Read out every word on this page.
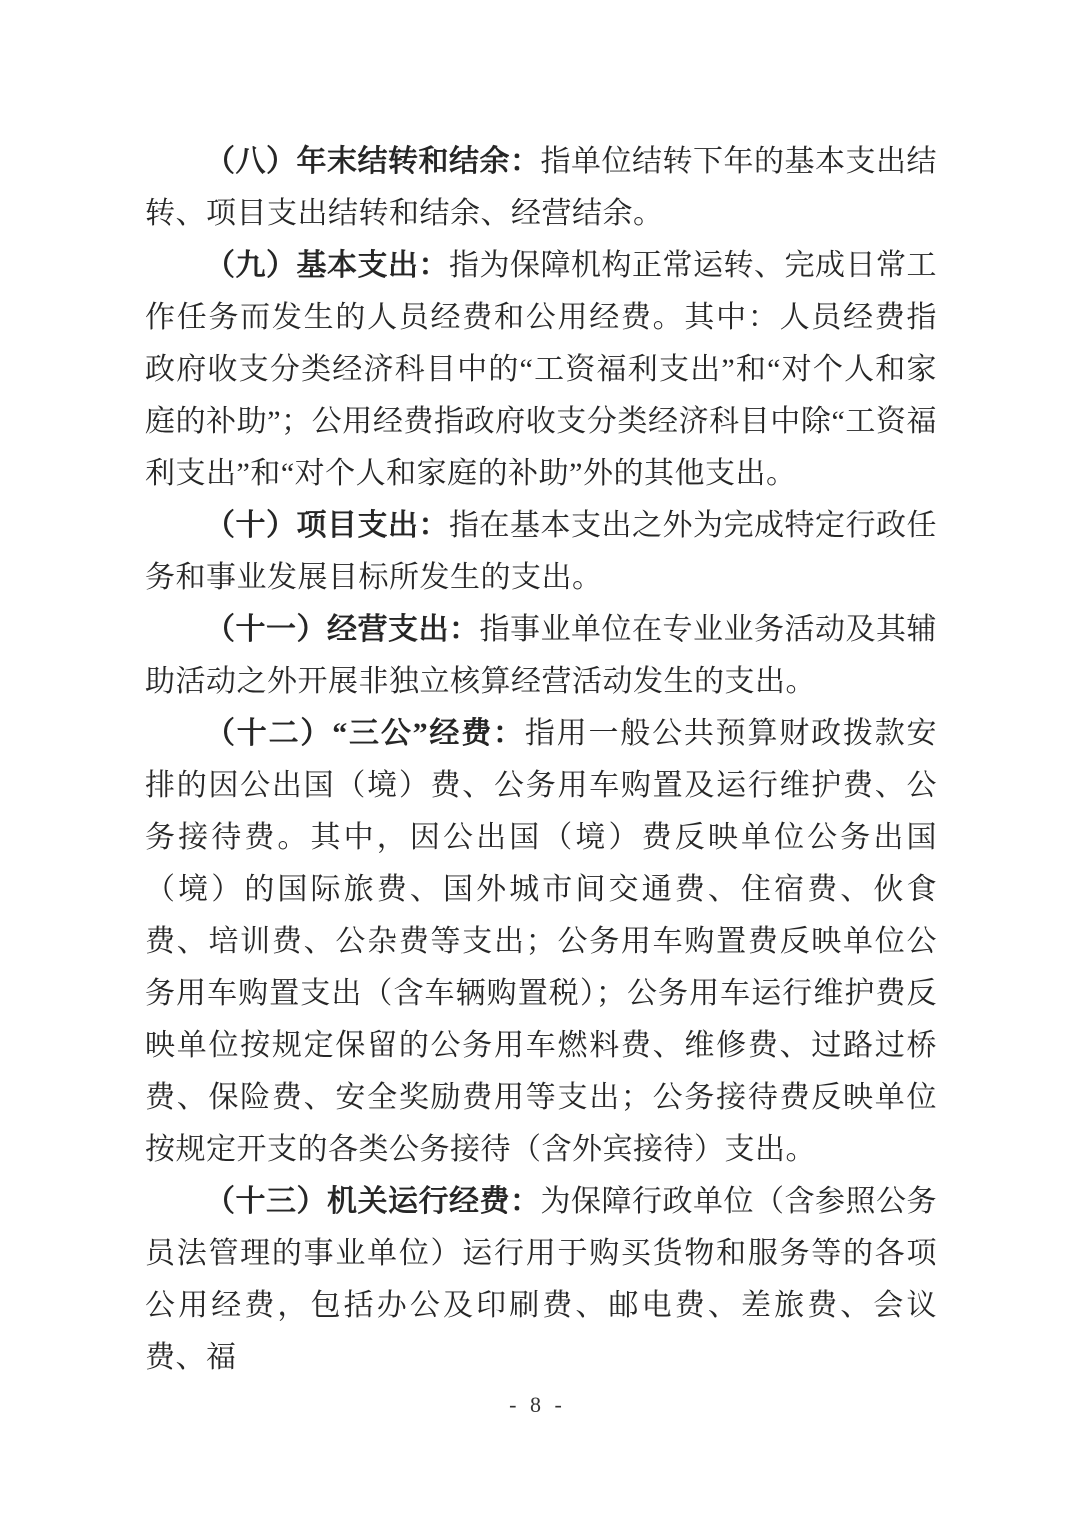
（八）年末结转和结余：指单位结转下年的基本支出结转、项目支出结转和结余、经营结余。

（九）基本支出：指为保障机构正常运转、完成日常工作任务而发生的人员经费和公用经费。其中：人员经费指政府收支分类经济科目中的“工资福利支出”和“对个人和家庭的补助”；公用经费指政府收支分类经济科目中除“工资福利支出”和“对个人和家庭的补助”外的其他支出。

（十）项目支出：指在基本支出之外为完成特定行政任务和事业发展目标所发生的支出。

（十一）经营支出：指事业单位在专业业务活动及其辅助活动之外开展非独立核算经营活动发生的支出。

（十二）“三公”经费：指用一般公共预算财政拨款安排的因公出国（境）费、公务用车购置及运行维护费、公务接待费。其中，因公出国（境）费反映单位公务出国（境）的国际旅费、国外城市间交通费、住宿费、伙食费、培训费、公杂费等支出；公务用车购置费反映单位公务用车购置支出（含车辆购置税）；公务用车运行维护费反映单位按规定保留的公务用车燃料费、维修费、过路过桥费、保险费、安全奖励费用等支出；公务接待费反映单位按规定开支的各类公务接待（含外宾接待）支出。

（十三）机关运行经费：为保障行政单位（含参照公务员法管理的事业单位）运行用于购买货物和服务等的各项公用经费，包括办公及印刷费、邮电费、差旅费、会议费、福

- 8 -
